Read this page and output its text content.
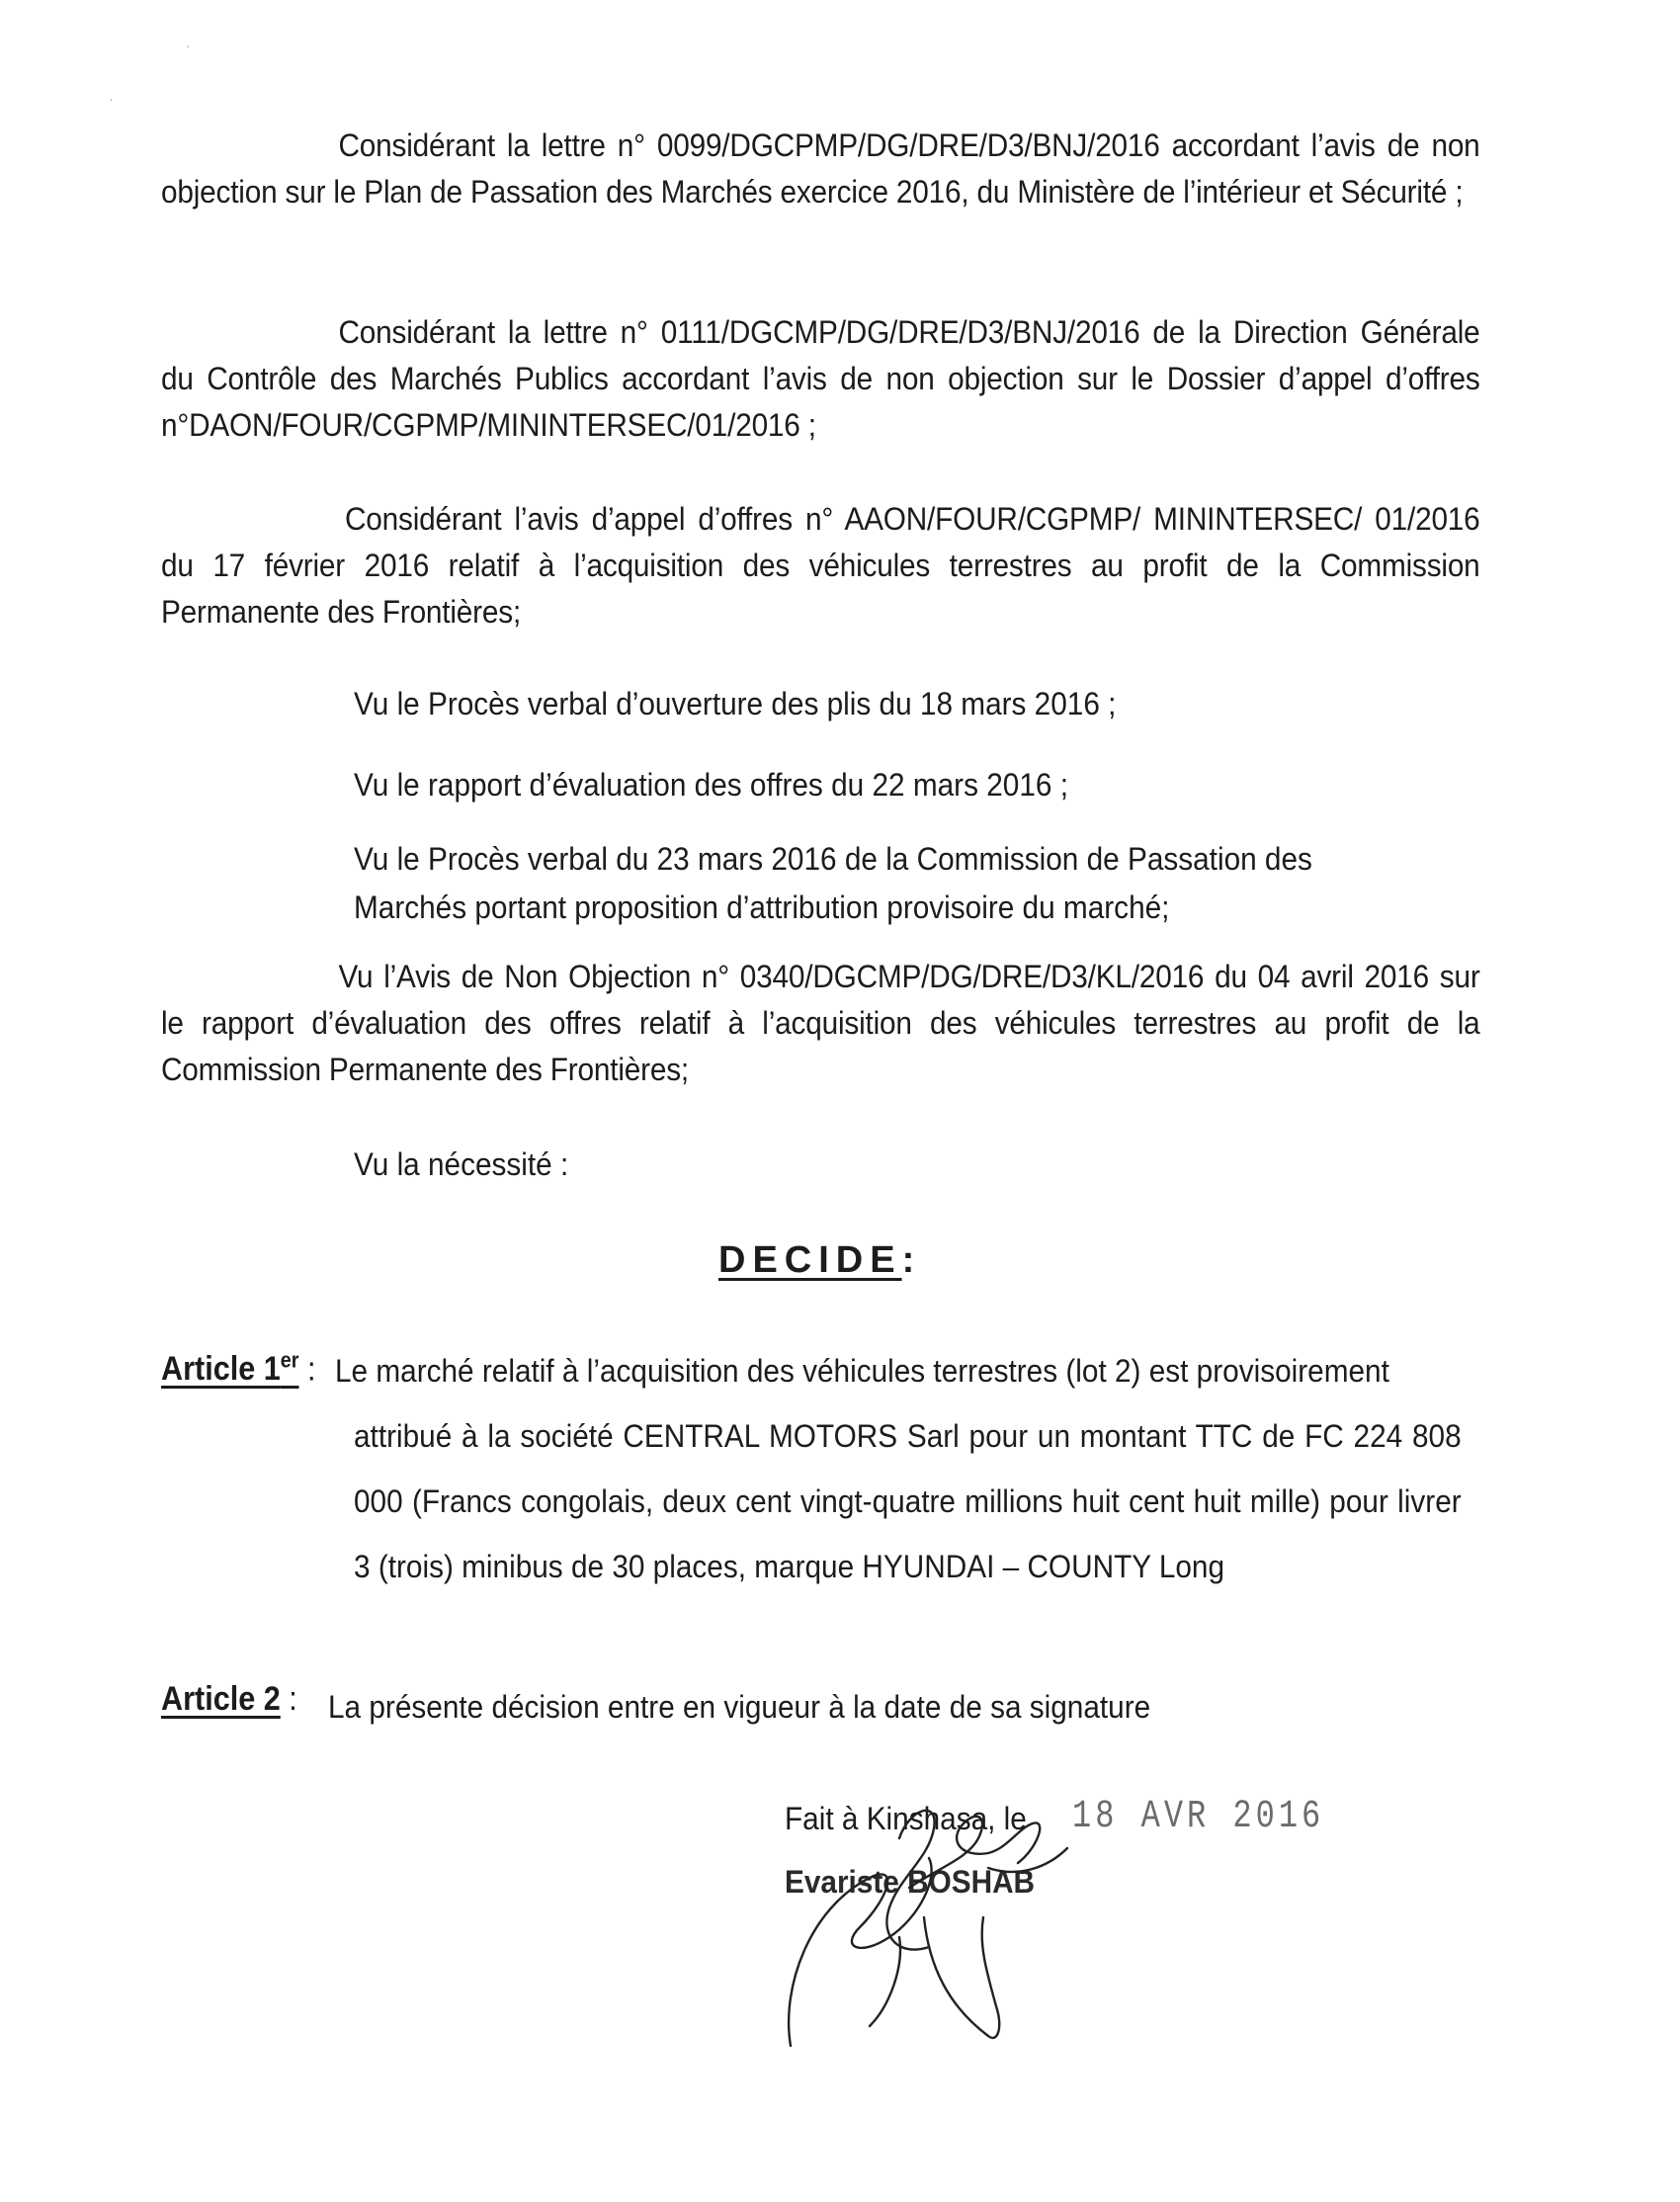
·
·
Considérant la lettre n° 0099/DGCPMP/DG/DRE/D3/BNJ/2016 accordant l’avis de non objection sur le Plan de Passation des Marchés exercice 2016, du Ministère de l’intérieur et Sécurité ;
Considérant la lettre n° 0111/DGCMP/DG/DRE/D3/BNJ/2016 de la Direction Générale du Contrôle des Marchés Publics accordant l’avis de non objection sur le Dossier d’appel d’offres n°DAON/FOUR/CGPMP/MININTERSEC/01/2016 ;
Considérant l’avis d’appel d’offres n° AAON/FOUR/CGPMP/ MININTERSEC/ 01/2016 du 17 février 2016 relatif à l’acquisition des véhicules terrestres au profit de la Commission Permanente des Frontières;
Vu le Procès verbal d’ouverture des plis du 18 mars 2016 ;
Vu le rapport d’évaluation des offres du 22 mars 2016 ;
Vu le Procès verbal du 23 mars 2016 de la Commission de Passation des Marchés portant proposition d’attribution provisoire du marché;
Vu l’Avis de Non Objection n° 0340/DGCMP/DG/DRE/D3/KL/2016 du 04 avril 2016 sur le rapport d’évaluation des offres relatif à l’acquisition des véhicules terrestres au profit de la Commission Permanente des Frontières;
Vu la nécessité :
DECIDE:
Article 1er : Le marché relatif à l’acquisition des véhicules terrestres (lot 2) est provisoirement
attribué à la société CENTRAL MOTORS Sarl pour un montant TTC de FC 224 808 000 (Francs congolais, deux cent vingt-quatre millions huit cent huit mille) pour livrer 3 (trois) minibus de 30 places, marque HYUNDAI – COUNTY Long
Article 2 : La présente décision entre en vigueur à la date de sa signature
Fait à Kinshasa, le 18 AVR 2016
Evariste BOSHAB
